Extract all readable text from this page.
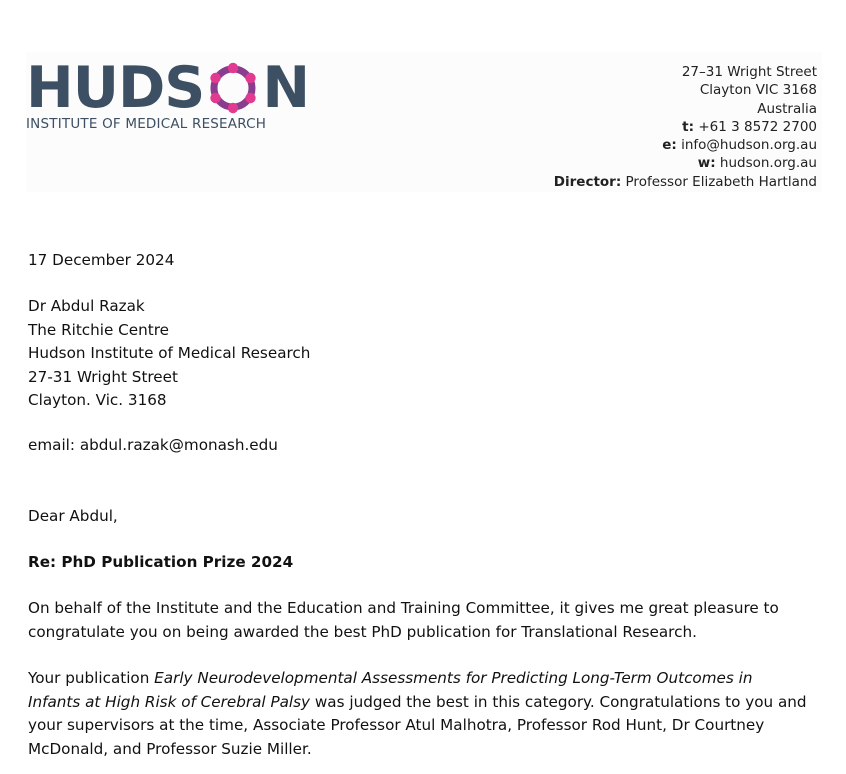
HUDS N
INSTITUTE OF MEDICAL RESEARCH
27–31 Wright Street
Clayton VIC 3168
Australia
t: +61 3 8572 2700
e: info@hudson.org.au
w: hudson.org.au
Director: Professor Elizabeth Hartland
17 December 2024
Dr Abdul Razak
The Ritchie Centre
Hudson Institute of Medical Research
27-31 Wright Street
Clayton. Vic. 3168
email: abdul.razak@monash.edu
Dear Abdul,
Re: PhD Publication Prize 2024
On behalf of the Institute and the Education and Training Committee, it gives me great pleasure to
congratulate you on being awarded the best PhD publication for Translational Research.
Your publication Early Neurodevelopmental Assessments for Predicting Long-Term Outcomes in
Infants at High Risk of Cerebral Palsy was judged the best in this category. Congratulations to you and
your supervisors at the time, Associate Professor Atul Malhotra, Professor Rod Hunt, Dr Courtney
McDonald, and Professor Suzie Miller.
